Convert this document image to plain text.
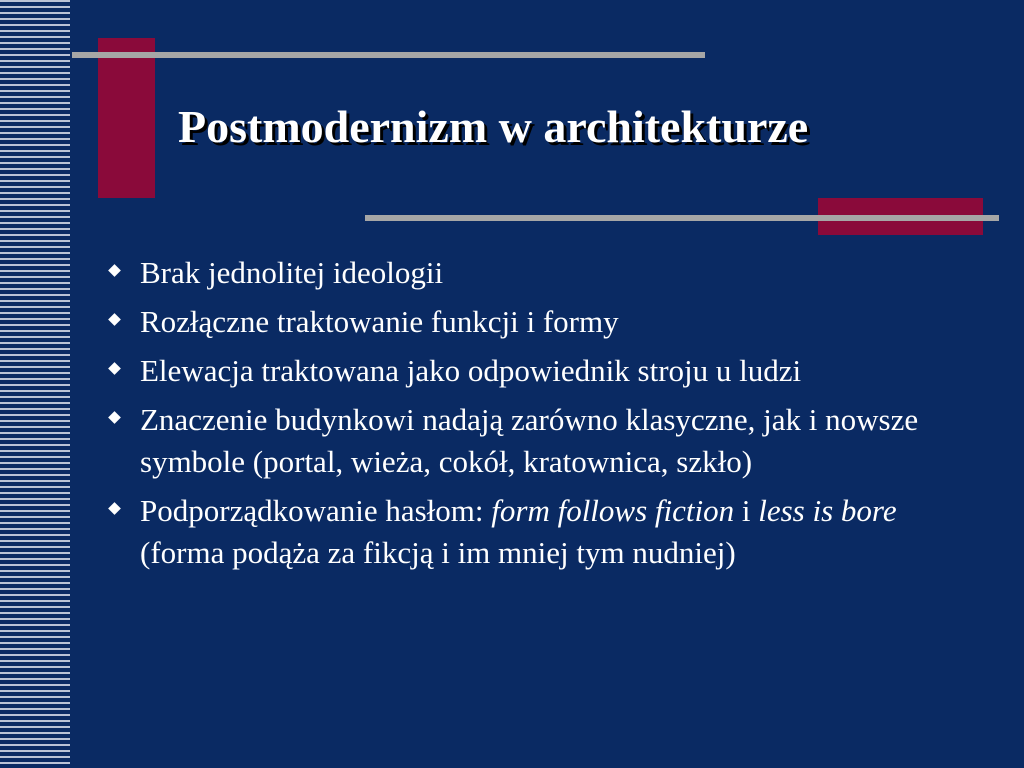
Postmodernizm w architekturze
Brak jednolitej ideologii
Rozłączne traktowanie funkcji i formy
Elewacja traktowana jako odpowiednik stroju u ludzi
Znaczenie budynkowi nadają zarówno klasyczne, jak i nowsze symbole (portal, wieża, cokół, kratownica, szkło)
Podporządkowanie hasłom: form follows fiction i less is bore (forma podąża za fikcją i im mniej tym nudniej)
